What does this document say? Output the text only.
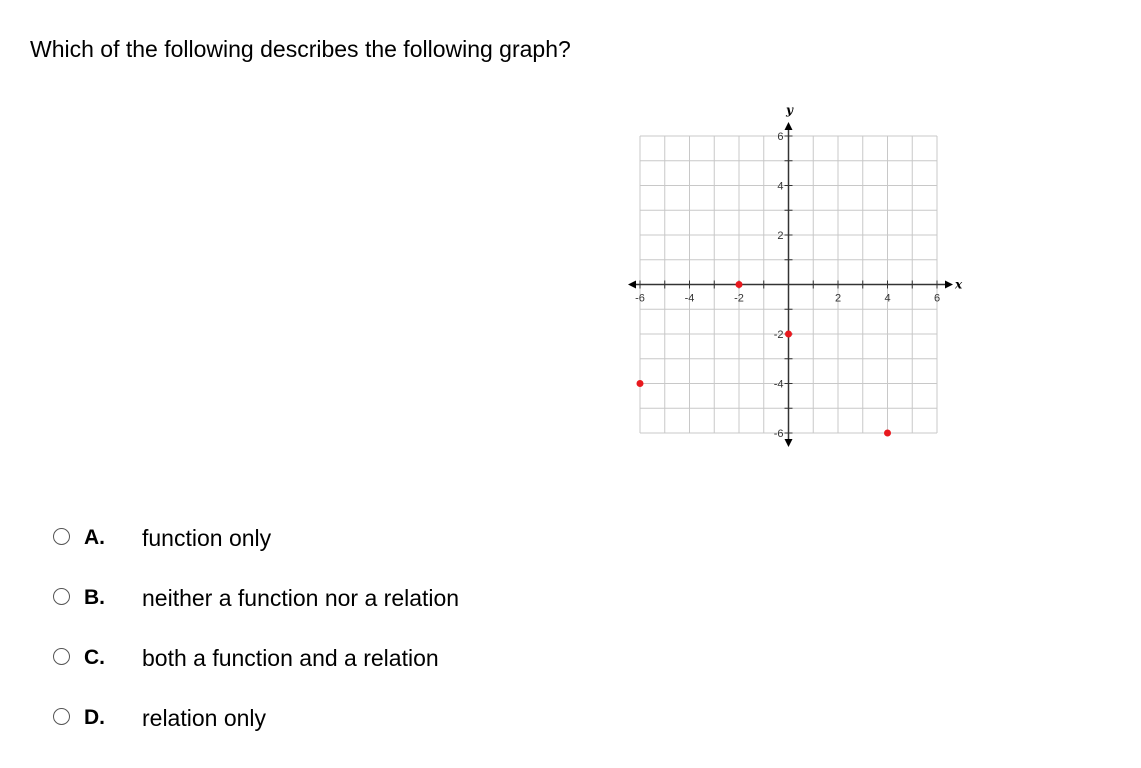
Which of the following describes the following graph?

-6	-4	-2	2	4	6
6
4
2
-2
-4
-6
x
y
A. function only
B. neither a function nor a relation
C. both a function and a relation
D. relation only
